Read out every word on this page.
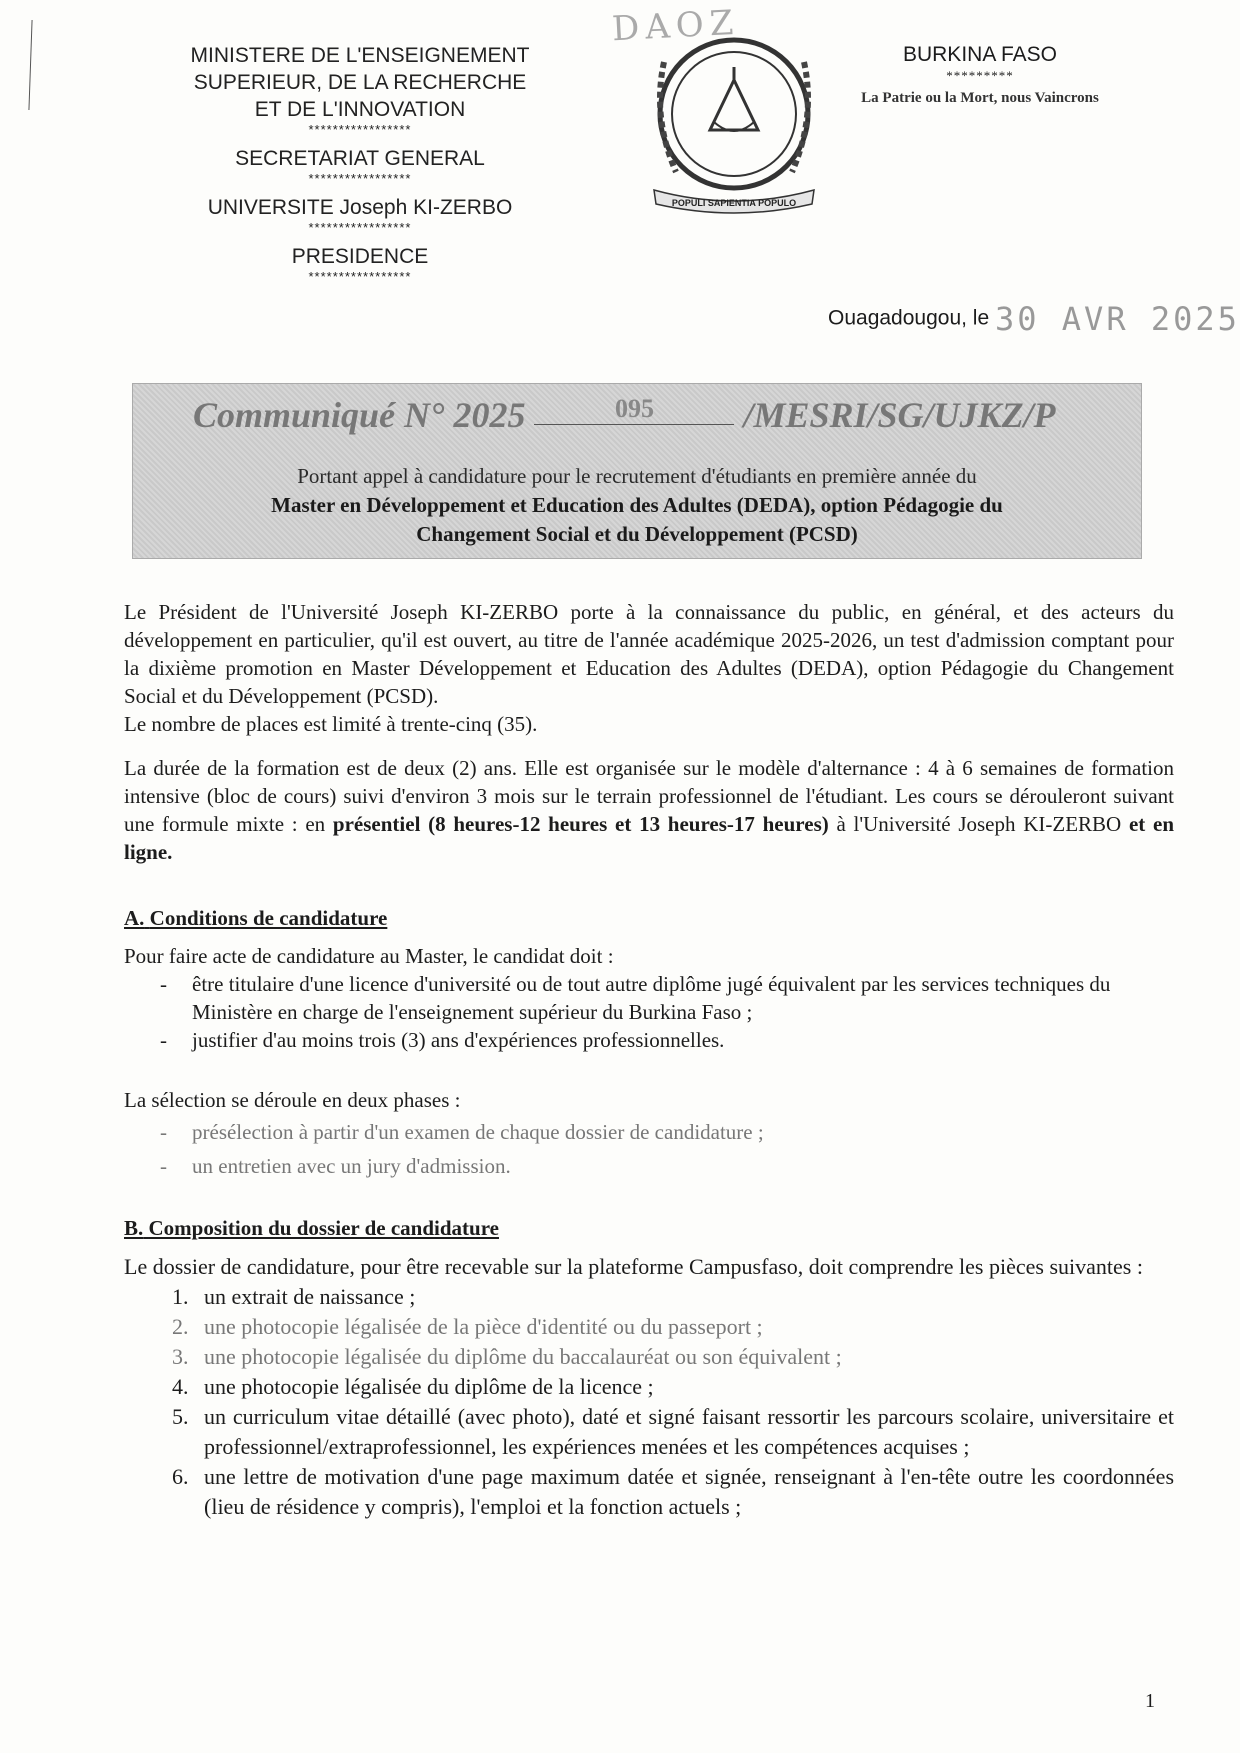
DAOZ
MINISTERE DE L'ENSEIGNEMENT
SUPERIEUR, DE LA RECHERCHE
ET DE L'INNOVATION
*****************
SECRETARIAT GENERAL
*****************
UNIVERSITE Joseph KI-ZERBO
*****************
PRESIDENCE
*****************
POPULI SAPIENTIA POPULO
BURKINA FASO
*********
La Patrie ou la Mort, nous Vaincrons
Ouagadougou, le 30 AVR 2025
Communiqué N° 2025	095 /MESRI/SG/UJKZ/P
Portant appel à candidature pour le recrutement d'étudiants en première année du
Master en Développement et Education des Adultes (DEDA), option Pédagogie du
Changement Social et du Développement (PCSD)
Le Président de l'Université Joseph KI-ZERBO porte à la connaissance du public, en général, et des acteurs du développement en particulier, qu'il est ouvert, au titre de l'année académique 2025-2026, un test d'admission comptant pour la dixième promotion en Master Développement et Education des Adultes (DEDA), option Pédagogie du Changement Social et du Développement (PCSD).
Le nombre de places est limité à trente-cinq (35).
La durée de la formation est de deux (2) ans. Elle est organisée sur le modèle d'alternance : 4 à 6 semaines de formation intensive (bloc de cours) suivi d'environ 3 mois sur le terrain professionnel de l'étudiant. Les cours se dérouleront suivant une formule mixte : en présentiel (8 heures-12 heures et 13 heures-17 heures) à l'Université Joseph KI-ZERBO et en ligne.
A. Conditions de candidature
Pour faire acte de candidature au Master, le candidat doit :
- être titulaire d'une licence d'université ou de tout autre diplôme jugé équivalent par les services techniques du Ministère en charge de l'enseignement supérieur du Burkina Faso ;
- justifier d'au moins trois (3) ans d'expériences professionnelles.
La sélection se déroule en deux phases :
- présélection à partir d'un examen de chaque dossier de candidature ;
- un entretien avec un jury d'admission.
B. Composition du dossier de candidature
Le dossier de candidature, pour être recevable sur la plateforme Campusfaso, doit comprendre les pièces suivantes :
1. un extrait de naissance ;
2. une photocopie légalisée de la pièce d'identité ou du passeport ;
3. une photocopie légalisée du diplôme du baccalauréat ou son équivalent ;
4. une photocopie légalisée du diplôme de la licence ;
5. un curriculum vitae détaillé (avec photo), daté et signé faisant ressortir les parcours scolaire, universitaire et professionnel/extraprofessionnel, les expériences menées et les compétences acquises ;
6. une lettre de motivation d'une page maximum datée et signée, renseignant à l'en-tête outre les coordonnées (lieu de résidence y compris), l'emploi et la fonction actuels ;
1
